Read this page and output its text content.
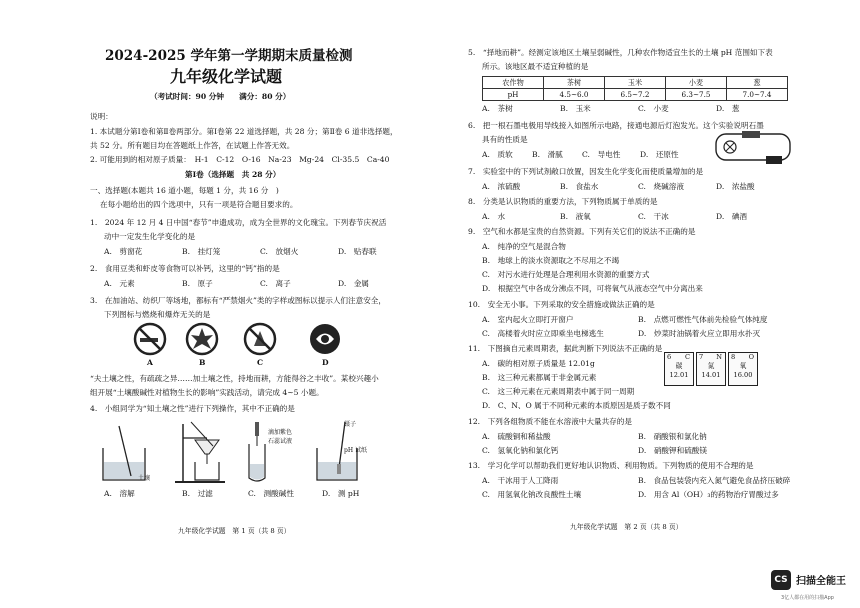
2024-2025 学年第一学期期末质量检测
九年级化学试题
（考试时间：90 分钟　　满分：80 分）
说明：
1. 本试题分第Ⅰ卷和第Ⅱ卷两部分。第Ⅰ卷第 22 道选择题，共 28 分；第Ⅱ卷 6 道非选择题，
共 52 分。所有题目均在答题纸上作答，在试题上作答无效。
2. 可能用到的相对原子质量：　H-1　C-12　O-16　Na-23　Mg-24　Cl-35.5　Ca-40
第Ⅰ卷（选择题　共 28 分）
一、选择题(本题共 16 道小题，每题 1 分，共 16 分　)
在每小题给出的四个选项中，只有一项是符合题目要求的。
1.　2024 年 12 月 4 日中国“春节”申遗成功，成为全世界的文化瑰宝。下列春节庆祝活
动中一定发生化学变化的是
A.　剪窗花	B.　挂灯笼	C.　放烟火	D.　贴春联
2.　食用豆类和虾皮等食物可以补钙，这里的“钙”指的是
A.　元素	B.　原子	C.　离子	D.　金属
3.　在加油站、纺织厂等场地，都标有“严禁烟火”类的字样或图标以提示人们注意安全，
下列图标与燃烧和爆炸无关的是
A	B	C	D
“夫土壤之性，有疏疏之异……加土壤之性，持地而耕，方能得谷之丰收”。某校兴趣小
组开展“土壤酸碱性对植物生长的影响”实践活动，请完成 4~5 小题。
4.　小组同学为“知土壤之性”进行下列操作，其中不正确的是
土壤
滴加紫色
石蕊试液
镊子
pH 试纸
A.　溶解	B.　过滤	C.　测酸碱性	D.　测 pH
九年级化学试题　第 1 页（共 8 页）
5.　“择地而耕”。经测定该地区土壤呈弱碱性，几种农作物适宜生长的土壤 pH 范围如下表
所示。该地区最不适宜种植的是
农作物	茶树	玉米	小麦	葱
pH	4.5~6.0	6.5~7.2	6.3~7.5	7.0~7.4
A.　茶树	B.　玉米	C.　小麦	D.　葱
6.　把一根石墨电极用导线接入如图所示电路，接通电源后灯泡发光。这个实验说明石墨
具有的性质是
A.　质软	B.　滑腻	C.　导电性	D.　还原性
7.　实验室中的下列试剂敞口放置，因发生化学变化而使质量增加的是
A.　浓硫酸	B.　食盐水	C.　烧碱溶液	D.　浓盐酸
8.　分类是认识物质的重要方法，下列物质属于单质的是
A.　水	B.　液氧	C.　干冰	D.　碘酒
9.　空气和水都是宝贵的自然资源。下列有关它们的说法不正确的是
A.　纯净的空气是混合物
B.　地球上的淡水资源取之不尽用之不竭
C.　对污水进行处理是合理利用水资源的重要方式
D.　根据空气中各成分沸点不同，可将氧气从液态空气中分离出来
10.　安全无小事。下列采取的安全措施或做法正确的是
A.　室内起火立即打开窗户	B.　点燃可燃性气体前先检验气体纯度
C.　高楼着火时应立即乘坐电梯逃生	D.　炒菜时油锅着火应立即用水扑灭
11.　下图摘自元素周期表，据此判断下列说法不正确的是
A.　碳的相对原子质量是 12.01g
B.　这三种元素都属于非金属元素
C.　这三种元素在元素周期表中属于同一周期
D.　C、N、O 属于不同种元素的本质原因是质子数不同
6	C
碳
12.01
7	N
氮
14.01
8	O
氧
16.00
12.　下列各组物质不能在水溶液中大量共存的是
A.　硫酸铜和稀盐酸	B.　硝酸银和氯化钠
C.　氢氧化钠和氯化钙	D.　硝酸钾和硫酸镁
13.　学习化学可以帮助我们更好地认识物质、利用物质。下列物质的使用不合理的是
A.　干冰用于人工降雨	B.　食品包装袋内充入氮气避免食品挤压破碎
C.　用氢氧化钠改良酸性土壤	D.　用含 Al（OH）₃的药物治疗胃酸过多
九年级化学试题　第 2 页（共 8 页）
CS 扫描全能王
3亿人都在用的扫描App
